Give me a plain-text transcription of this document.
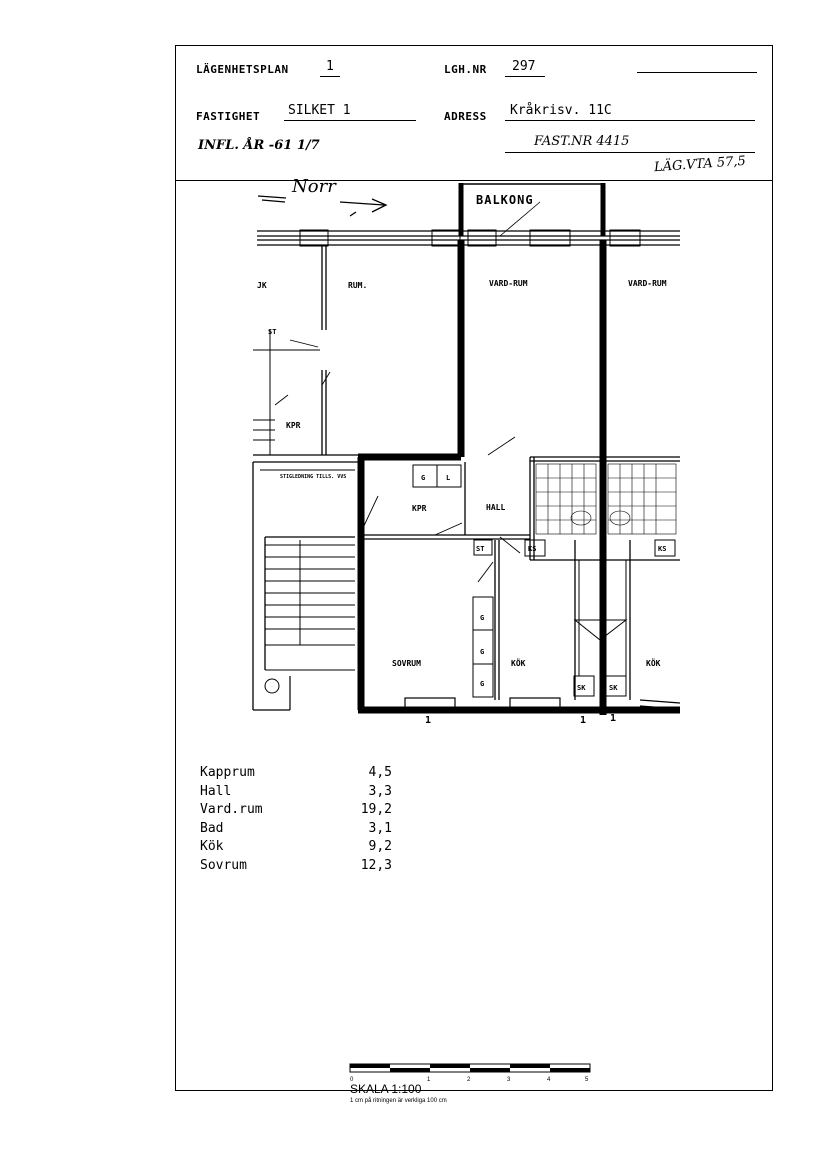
LÄGENHETSPLAN	1	LGH.NR 297
FASTIGHET SILKET 1	ADRESS Kråkrisv. 11C
INFL. ÅR -61 1/7	FAST.NR 4415
LÄG.VTA 57,5
Norr
BALKONG
JK	RUM.	VARD-RUM	VARD-RUM
KPR
STIGLEDNING TILLS. VVS
KPR	HALL
SOVRUM	KÖK	KÖK
ST
ST
G	L
KS	KS
G
G
G	SK	SK
1	1 1
Kapprum	4,5
Hall	3,3
Vard.rum	19,2
Bad	3,1
Kök	9,2
Sovrum	12,3
0	1	2	3	4	5
SKALA 1:100
1 cm på ritningen är verkliga 100 cm
